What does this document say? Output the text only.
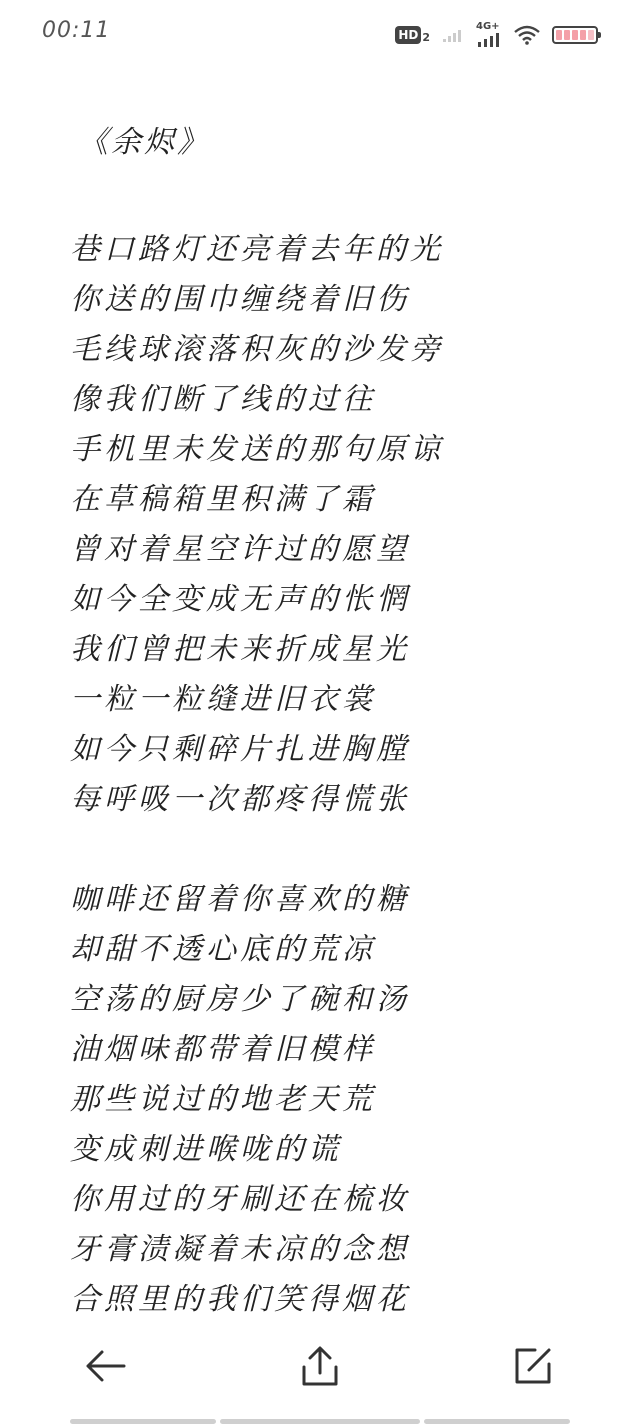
00:11	HD 2
4G+
《余烬》
巷口路灯还亮着去年的光
你送的围巾缠绕着旧伤
毛线球滚落积灰的沙发旁
像我们断了线的过往
手机里未发送的那句原谅
在草稿箱里积满了霜
曾对着星空许过的愿望
如今全变成无声的怅惘
我们曾把未来折成星光
一粒一粒缝进旧衣裳
如今只剩碎片扎进胸膛
每呼吸一次都疼得慌张
咖啡还留着你喜欢的糖
却甜不透心底的荒凉
空荡的厨房少了碗和汤
油烟味都带着旧模样
那些说过的地老天荒
变成刺进喉咙的谎
你用过的牙刷还在梳妆
牙膏渍凝着未凉的念想
合照里的我们笑得烟花
